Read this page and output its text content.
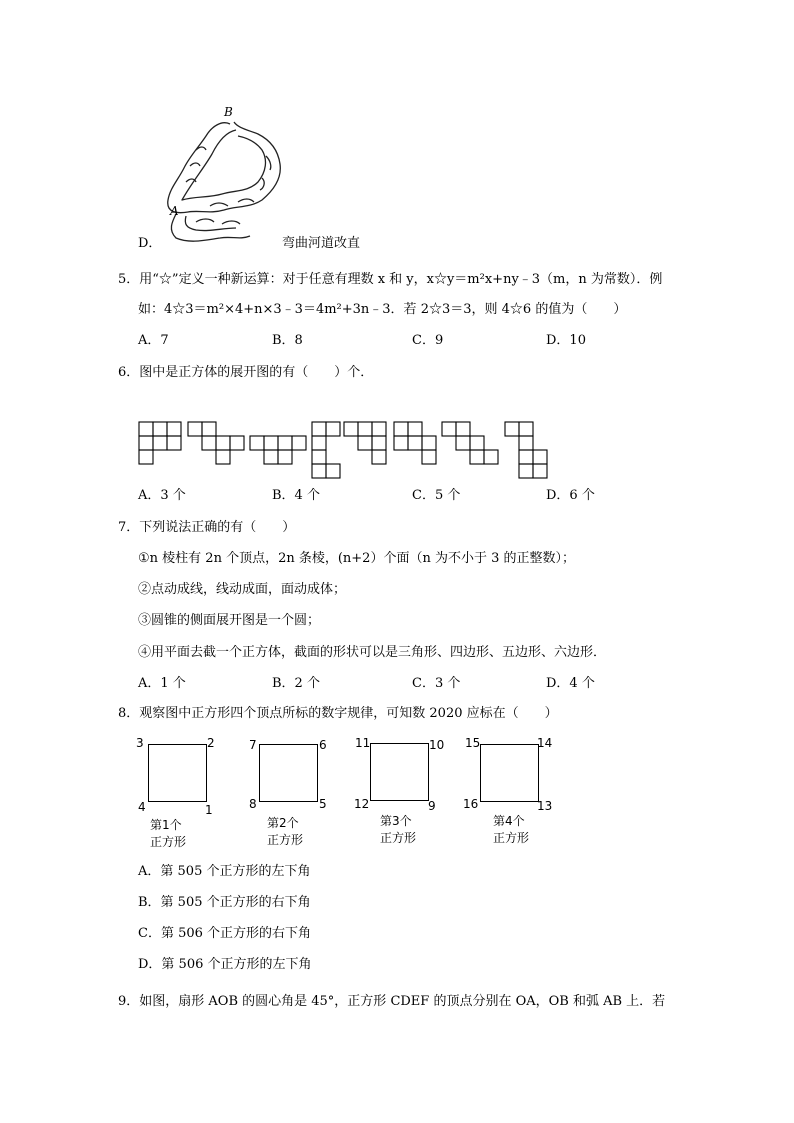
B
A
D．	弯曲河道改直
5．用“☆”定义一种新运算：对于任意有理数 x 和 y，x☆y＝m²x+ny﹣3（m，n 为常数）．例
如：4☆3＝m²×4+n×3﹣3＝4m²+3n﹣3．若 2☆3＝3，则 4☆6 的值为（　　）
A．7	B．8	C．9	D．10
6．图中是正方体的展开图的有（　　）个．
A．3 个	B．4 个	C．5 个	D．6 个
7．下列说法正确的有（　　）
①n 棱柱有 2n 个顶点，2n 条棱，(n+2）个面（n 为不小于 3 的正整数）；
②点动成线，线动成面，面动成体；
③圆锥的侧面展开图是一个圆；
④用平面去截一个正方体，截面的形状可以是三角形、四边形、五边形、六边形．
A．1 个	B．2 个	C．3 个	D．4 个
8．观察图中正方形四个顶点所标的数字规律，可知数 2020 应标在（　　）
3	2
4	1
第1个
正方形
7	6
8	5
第2个
正方形
11	10
12	9
第3个
正方形
15	14
16	13
第4个
正方形
A．第 505 个正方形的左下角
B．第 505 个正方形的右下角
C．第 506 个正方形的右下角
D．第 506 个正方形的左下角
9．如图，扇形 AOB 的圆心角是 45°，正方形 CDEF 的顶点分别在 OA，OB 和弧 AB 上．若
